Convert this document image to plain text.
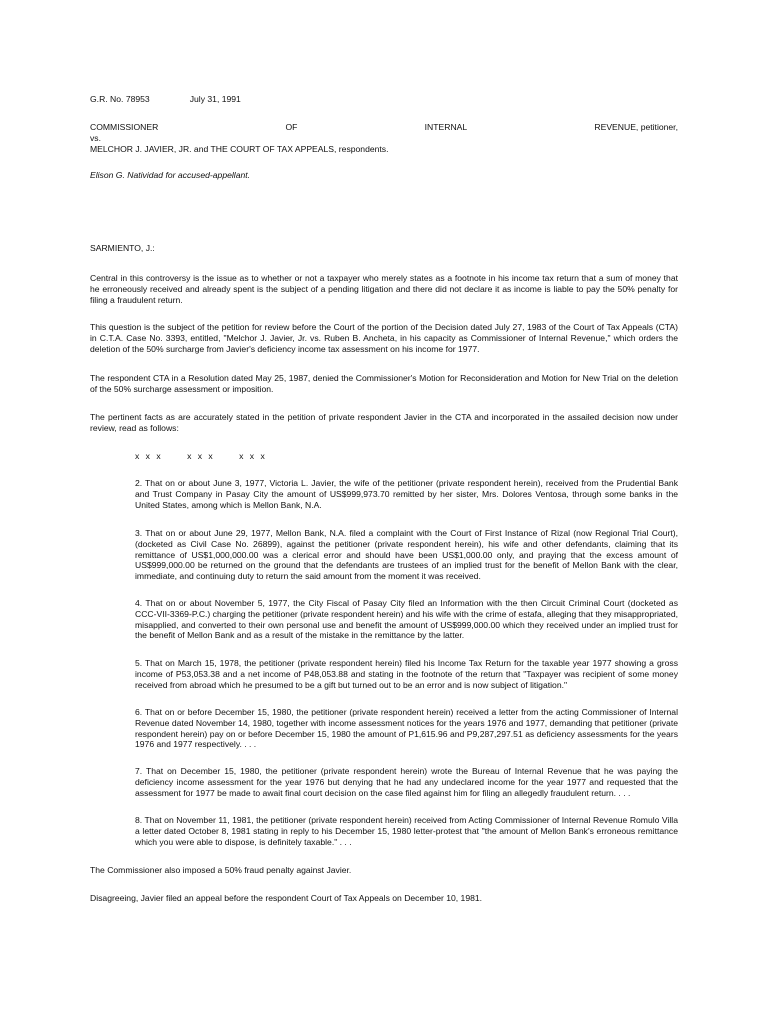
G.R. No. 78953	July 31, 1991
COMMISSIONER	OF	INTERNAL	REVENUE, petitioner,
vs.
MELCHOR J. JAVIER, JR. and THE COURT OF TAX APPEALS, respondents.
Elison G. Natividad for accused-appellant.
SARMIENTO, J.:

Central in this controversy is the issue as to whether or not a taxpayer who merely states as a footnote in his income tax return that a sum of money that he erroneously received and already spent is the subject of a pending litigation and there did not declare it as income is liable to pay the 50% penalty for filing a fraudulent return.

This question is the subject of the petition for review before the Court of the portion of the Decision dated July 27, 1983 of the Court of Tax Appeals (CTA) in C.T.A. Case No. 3393, entitled, "Melchor J. Javier, Jr. vs. Ruben B. Ancheta, in his capacity as Commissioner of Internal Revenue," which orders the deletion of the 50% surcharge from Javier's deficiency income tax assessment on his income for 1977.

The respondent CTA in a Resolution dated May 25, 1987, denied the Commissioner's Motion for Reconsideration and Motion for New Trial on the deletion of the 50% surcharge assessment or imposition.

The pertinent facts as are accurately stated in the petition of private respondent Javier in the CTA and incorporated in the assailed decision now under review, read as follows:

x x x	x x x	x x x

2. That on or about June 3, 1977, Victoria L. Javier, the wife of the petitioner (private respondent herein), received from the Prudential Bank and Trust Company in Pasay City the amount of US$999,973.70 remitted by her sister, Mrs. Dolores Ventosa, through some banks in the United States, among which is Mellon Bank, N.A.

3. That on or about June 29, 1977, Mellon Bank, N.A. filed a complaint with the Court of First Instance of Rizal (now Regional Trial Court), (docketed as Civil Case No. 26899), against the petitioner (private respondent herein), his wife and other defendants, claiming that its remittance of US$1,000,000.00 was a clerical error and should have been US$1,000.00 only, and praying that the excess amount of US$999,000.00 be returned on the ground that the defendants are trustees of an implied trust for the benefit of Mellon Bank with the clear, immediate, and continuing duty to return the said amount from the moment it was received.

4. That on or about November 5, 1977, the City Fiscal of Pasay City filed an Information with the then Circuit Criminal Court (docketed as CCC-VII-3369-P.C.) charging the petitioner (private respondent herein) and his wife with the crime of estafa, alleging that they misappropriated, misapplied, and converted to their own personal use and benefit the amount of US$999,000.00 which they received under an implied trust for the benefit of Mellon Bank and as a result of the mistake in the remittance by the latter.

5. That on March 15, 1978, the petitioner (private respondent herein) filed his Income Tax Return for the taxable year 1977 showing a gross income of P53,053.38 and a net income of P48,053.88 and stating in the footnote of the return that "Taxpayer was recipient of some money received from abroad which he presumed to be a gift but turned out to be an error and is now subject of litigation."

6. That on or before December 15, 1980, the petitioner (private respondent herein) received a letter from the acting Commissioner of Internal Revenue dated November 14, 1980, together with income assessment notices for the years 1976 and 1977, demanding that petitioner (private respondent herein) pay on or before December 15, 1980 the amount of P1,615.96 and P9,287,297.51 as deficiency assessments for the years 1976 and 1977 respectively. . . .

7. That on December 15, 1980, the petitioner (private respondent herein) wrote the Bureau of Internal Revenue that he was paying the deficiency income assessment for the year 1976 but denying that he had any undeclared income for the year 1977 and requested that the assessment for 1977 be made to await final court decision on the case filed against him for filing an allegedly fraudulent return. . . .

8. That on November 11, 1981, the petitioner (private respondent herein) received from Acting Commissioner of Internal Revenue Romulo Villa a letter dated October 8, 1981 stating in reply to his December 15, 1980 letter-protest that "the amount of Mellon Bank's erroneous remittance which you were able to dispose, is definitely taxable." . . .

The Commissioner also imposed a 50% fraud penalty against Javier.

Disagreeing, Javier filed an appeal before the respondent Court of Tax Appeals on December 10, 1981.
